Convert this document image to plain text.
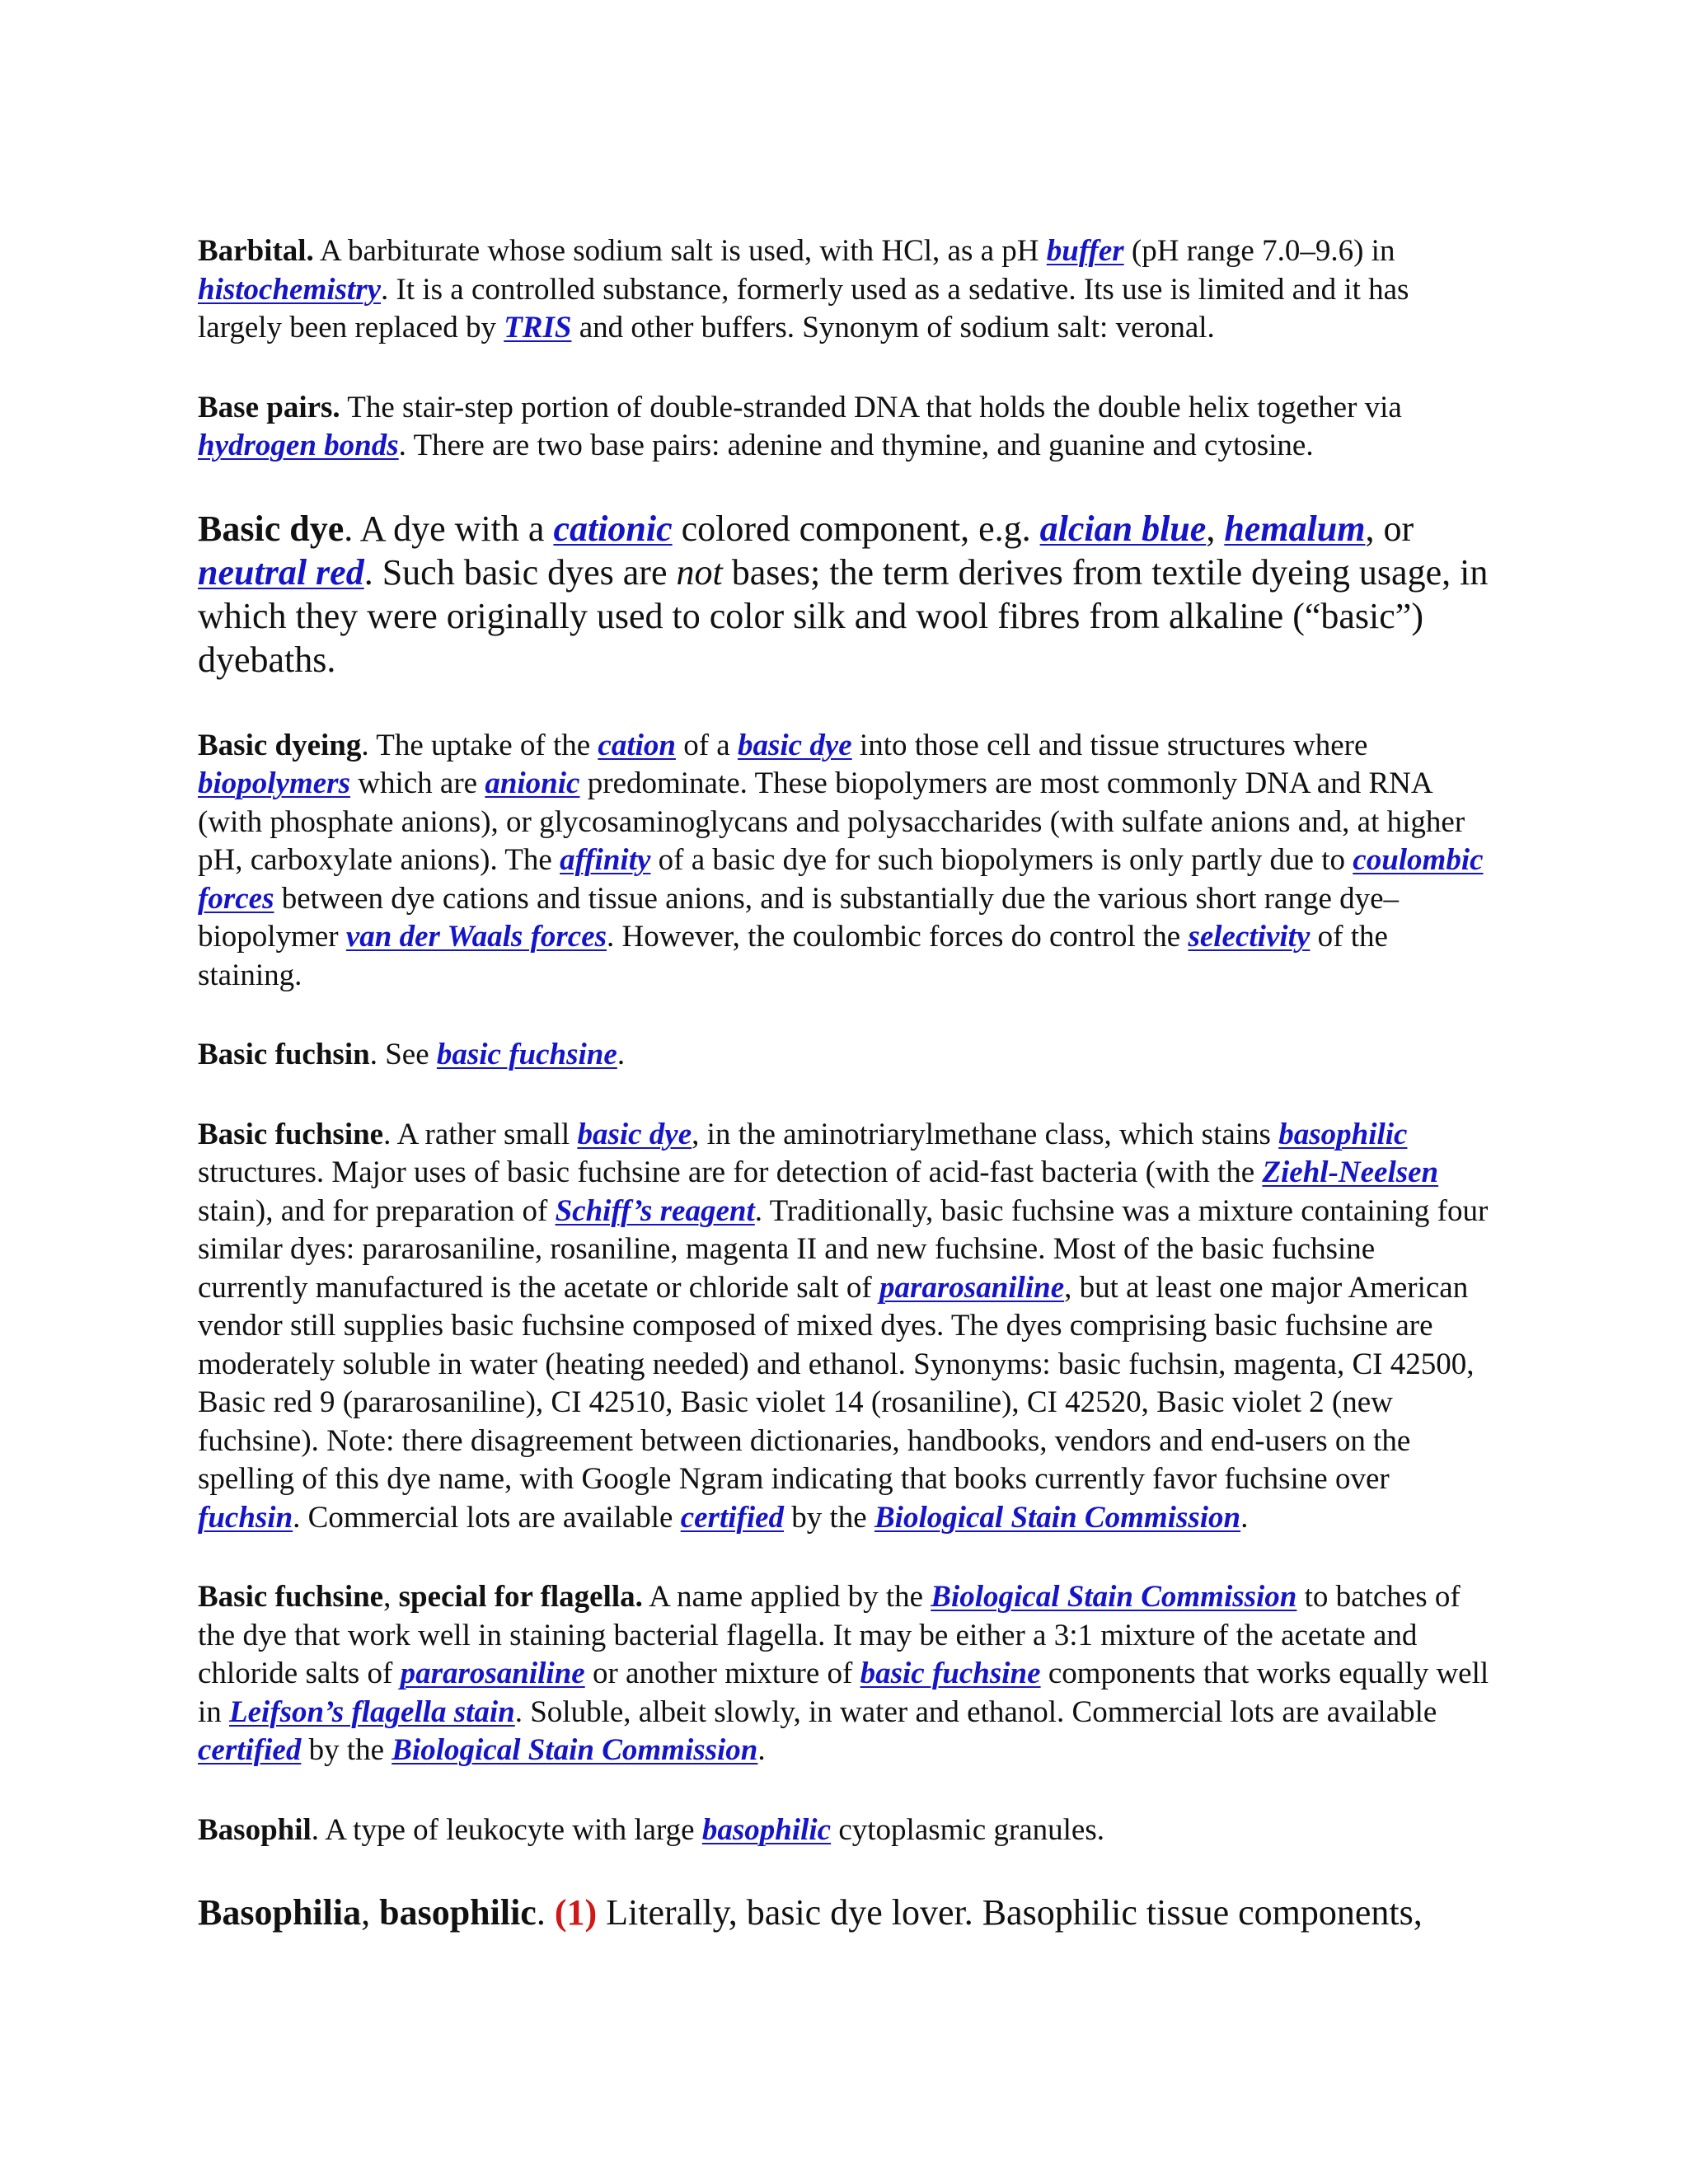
Barbital. A barbiturate whose sodium salt is used, with HCl, as a pH buffer (pH range 7.0–9.6) in histochemistry. It is a controlled substance, formerly used as a sedative. Its use is limited and it has largely been replaced by TRIS and other buffers. Synonym of sodium salt: veronal.

Base pairs. The stair-step portion of double-stranded DNA that holds the double helix together via hydrogen bonds. There are two base pairs: adenine and thymine, and guanine and cytosine.

Basic dye. A dye with a cationic colored component, e.g. alcian blue, hemalum, or neutral red. Such basic dyes are not bases; the term derives from textile dyeing usage, in which they were originally used to color silk and wool fibres from alkaline (“basic”) dyebaths.

Basic dyeing. The uptake of the cation of a basic dye into those cell and tissue structures where biopolymers which are anionic predominate. These biopolymers are most commonly DNA and RNA (with phosphate anions), or glycosaminoglycans and polysaccharides (with sulfate anions and, at higher pH, carboxylate anions). The affinity of a basic dye for such biopolymers is only partly due to coulombic forces between dye cations and tissue anions, and is substantially due the various short range dye–biopolymer van der Waals forces. However, the coulombic forces do control the selectivity of the staining.

Basic fuchsin. See basic fuchsine.

Basic fuchsine. A rather small basic dye, in the aminotriarylmethane class, which stains basophilic structures. Major uses of basic fuchsine are for detection of acid-fast bacteria (with the Ziehl-Neelsen stain), and for preparation of Schiff’s reagent. Traditionally, basic fuchsine was a mixture containing four similar dyes: pararosaniline, rosaniline, magenta II and new fuchsine. Most of the basic fuchsine currently manufactured is the acetate or chloride salt of pararosaniline, but at least one major American vendor still supplies basic fuchsine composed of mixed dyes. The dyes comprising basic fuchsine are moderately soluble in water (heating needed) and ethanol. Synonyms: basic fuchsin, magenta, CI 42500, Basic red 9 (pararosaniline), CI 42510, Basic violet 14 (rosaniline), CI 42520, Basic violet 2 (new fuchsine). Note: there disagreement between dictionaries, handbooks, vendors and end-users on the spelling of this dye name, with Google Ngram indicating that books currently favor fuchsine over fuchsin. Commercial lots are available certified by the Biological Stain Commission.

Basic fuchsine, special for flagella. A name applied by the Biological Stain Commission to batches of the dye that work well in staining bacterial flagella. It may be either a 3:1 mixture of the acetate and chloride salts of pararosaniline or another mixture of basic fuchsine components that works equally well in Leifson’s flagella stain. Soluble, albeit slowly, in water and ethanol. Commercial lots are available certified by the Biological Stain Commission.

Basophil. A type of leukocyte with large basophilic cytoplasmic granules.

Basophilia, basophilic. (1) Literally, basic dye lover. Basophilic tissue components,
